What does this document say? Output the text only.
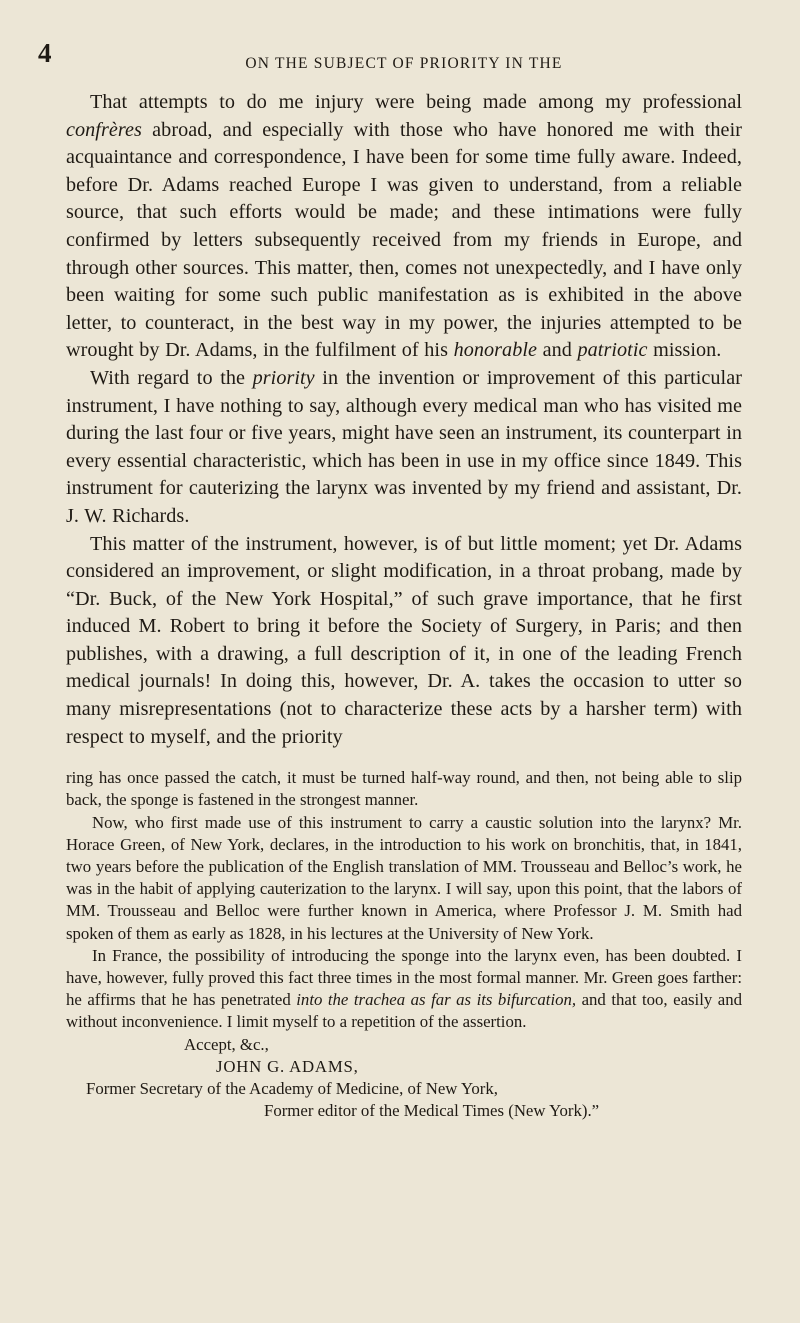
4	ON THE SUBJECT OF PRIORITY IN THE

That attempts to do me injury were being made among my professional confrères abroad, and especially with those who have honored me with their acquaintance and correspondence, I have been for some time fully aware. Indeed, before Dr. Adams reached Europe I was given to understand, from a reliable source, that such efforts would be made; and these intimations were fully confirmed by letters subsequently received from my friends in Europe, and through other sources. This matter, then, comes not unexpectedly, and I have only been waiting for some such public manifestation as is exhibited in the above letter, to counteract, in the best way in my power, the injuries attempted to be wrought by Dr. Adams, in the fulfilment of his honorable and patriotic mission.

With regard to the priority in the invention or improvement of this particular instrument, I have nothing to say, although every medical man who has visited me during the last four or five years, might have seen an instrument, its counterpart in every essential characteristic, which has been in use in my office since 1849. This instrument for cauterizing the larynx was invented by my friend and assistant, Dr. J. W. Richards.

This matter of the instrument, however, is of but little moment; yet Dr. Adams considered an improvement, or slight modification, in a throat probang, made by “Dr. Buck, of the New York Hospital,” of such grave importance, that he first induced M. Robert to bring it before the Society of Surgery, in Paris; and then publishes, with a drawing, a full description of it, in one of the leading French medical journals! In doing this, however, Dr. A. takes the occasion to utter so many misrepresentations (not to characterize these acts by a harsher term) with respect to myself, and the priority

ring has once passed the catch, it must be turned half-way round, and then, not being able to slip back, the sponge is fastened in the strongest manner.

Now, who first made use of this instrument to carry a caustic solution into the larynx? Mr. Horace Green, of New York, declares, in the introduction to his work on bronchitis, that, in 1841, two years before the publication of the English translation of MM. Trousseau and Belloc’s work, he was in the habit of applying cauterization to the larynx. I will say, upon this point, that the labors of MM. Trousseau and Belloc were further known in America, where Professor J. M. Smith had spoken of them as early as 1828, in his lectures at the University of New York.

In France, the possibility of introducing the sponge into the larynx even, has been doubted. I have, however, fully proved this fact three times in the most formal manner. Mr. Green goes farther: he affirms that he has penetrated into the trachea as far as its bifurcation, and that too, easily and without inconvenience. I limit myself to a repetition of the assertion.

Accept, &c.,
JOHN G. ADAMS,
Former Secretary of the Academy of Medicine, of New York,
Former editor of the Medical Times (New York).”
